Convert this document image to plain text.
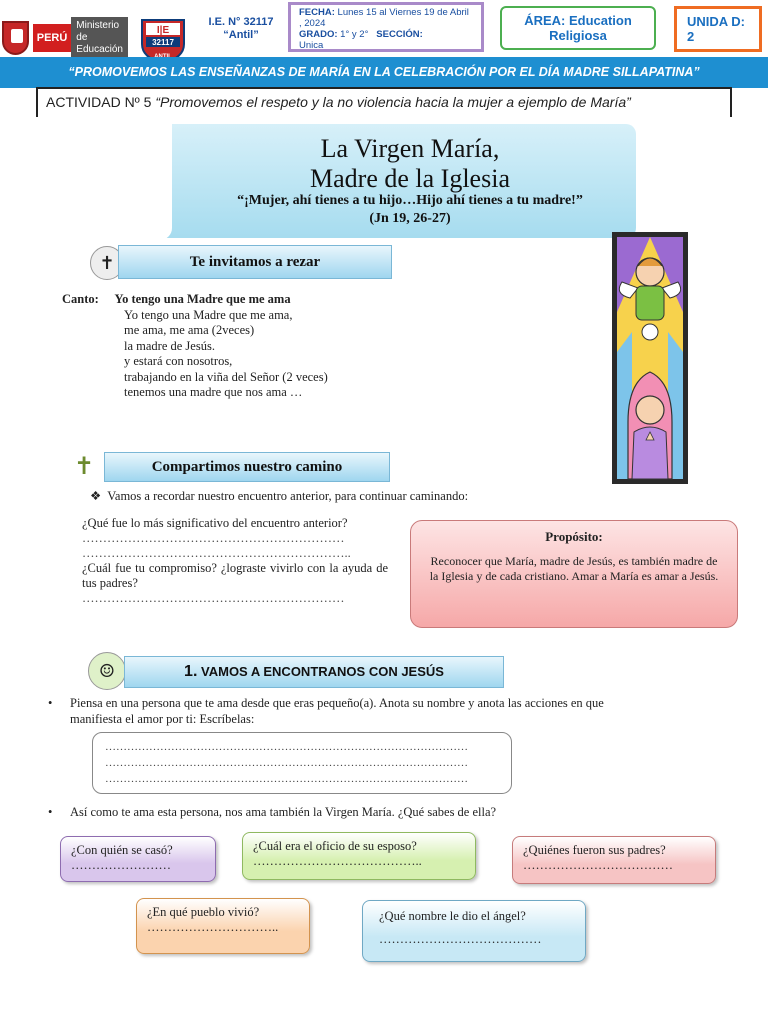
PERÚ
Ministerio de Educación
I|E
32117
I.E. N° 32117
“Antil”
FECHA: Lunes 15 al Viernes 19 de Abril , 2024
GRADO: 1° y 2° SECCIÓN:
Unica
ÁREA: Education Religiosa
UNIDA D: 2
“PROMOVEMOS LAS ENSEÑANZAS DE MARÍA EN LA CELEBRACIÓN POR EL DÍA MADRE SILLAPATINA”
ACTIVIDAD Nº 5 “Promovemos el respeto y la no violencia hacia la mujer a ejemplo de María”
La Virgen María,
Madre de la Iglesia
“¡Mujer, ahí tienes a tu hijo…Hijo ahí tienes a tu madre!”
(Jn 19, 26-27)
✝	Te invitamos a rezar
Canto: Yo tengo una Madre que me ama
Yo tengo una Madre que me ama,
me ama, me ama (2veces)
la madre de Jesús.
y estará con nosotros,
trabajando en la viña del Señor (2 veces)
tenemos una madre que nos ama …
✝	Compartimos nuestro camino
❖ Vamos a recordar nuestro encuentro anterior, para continuar caminando:
¿Qué fue lo más significativo del encuentro anterior?
………………………………………………………
………………………………………………………..
¿Cuál fue tu compromiso? ¿lograste vivirlo con la ayuda de tus padres?
………………………………………………………
Propósito:
Reconocer que María, madre de Jesús, es también madre de la Iglesia y de cada cristiano. Amar a María es amar a Jesús.
☺	1. VAMOS A ENCONTRANOS CON JESÚS
•	Piensa en una persona que te ama desde que eras pequeño(a). Anota su nombre y anota las acciones en que manifiesta el amor por ti: Escríbelas:
………………………………………………………………………………………
………………………………………………………………………………………
………………………………………………………………………………………
•	Así como te ama esta persona, nos ama también la Virgen María. ¿Qué sabes de ella?
¿Con quién se casó?
……………………
¿Cuál era el oficio de su esposo?
…………………………………..
¿Quiénes fueron sus padres?
………………………………
¿En qué pueblo vivió?
…………………………..
¿Qué nombre le dio el ángel?
…………………………………
